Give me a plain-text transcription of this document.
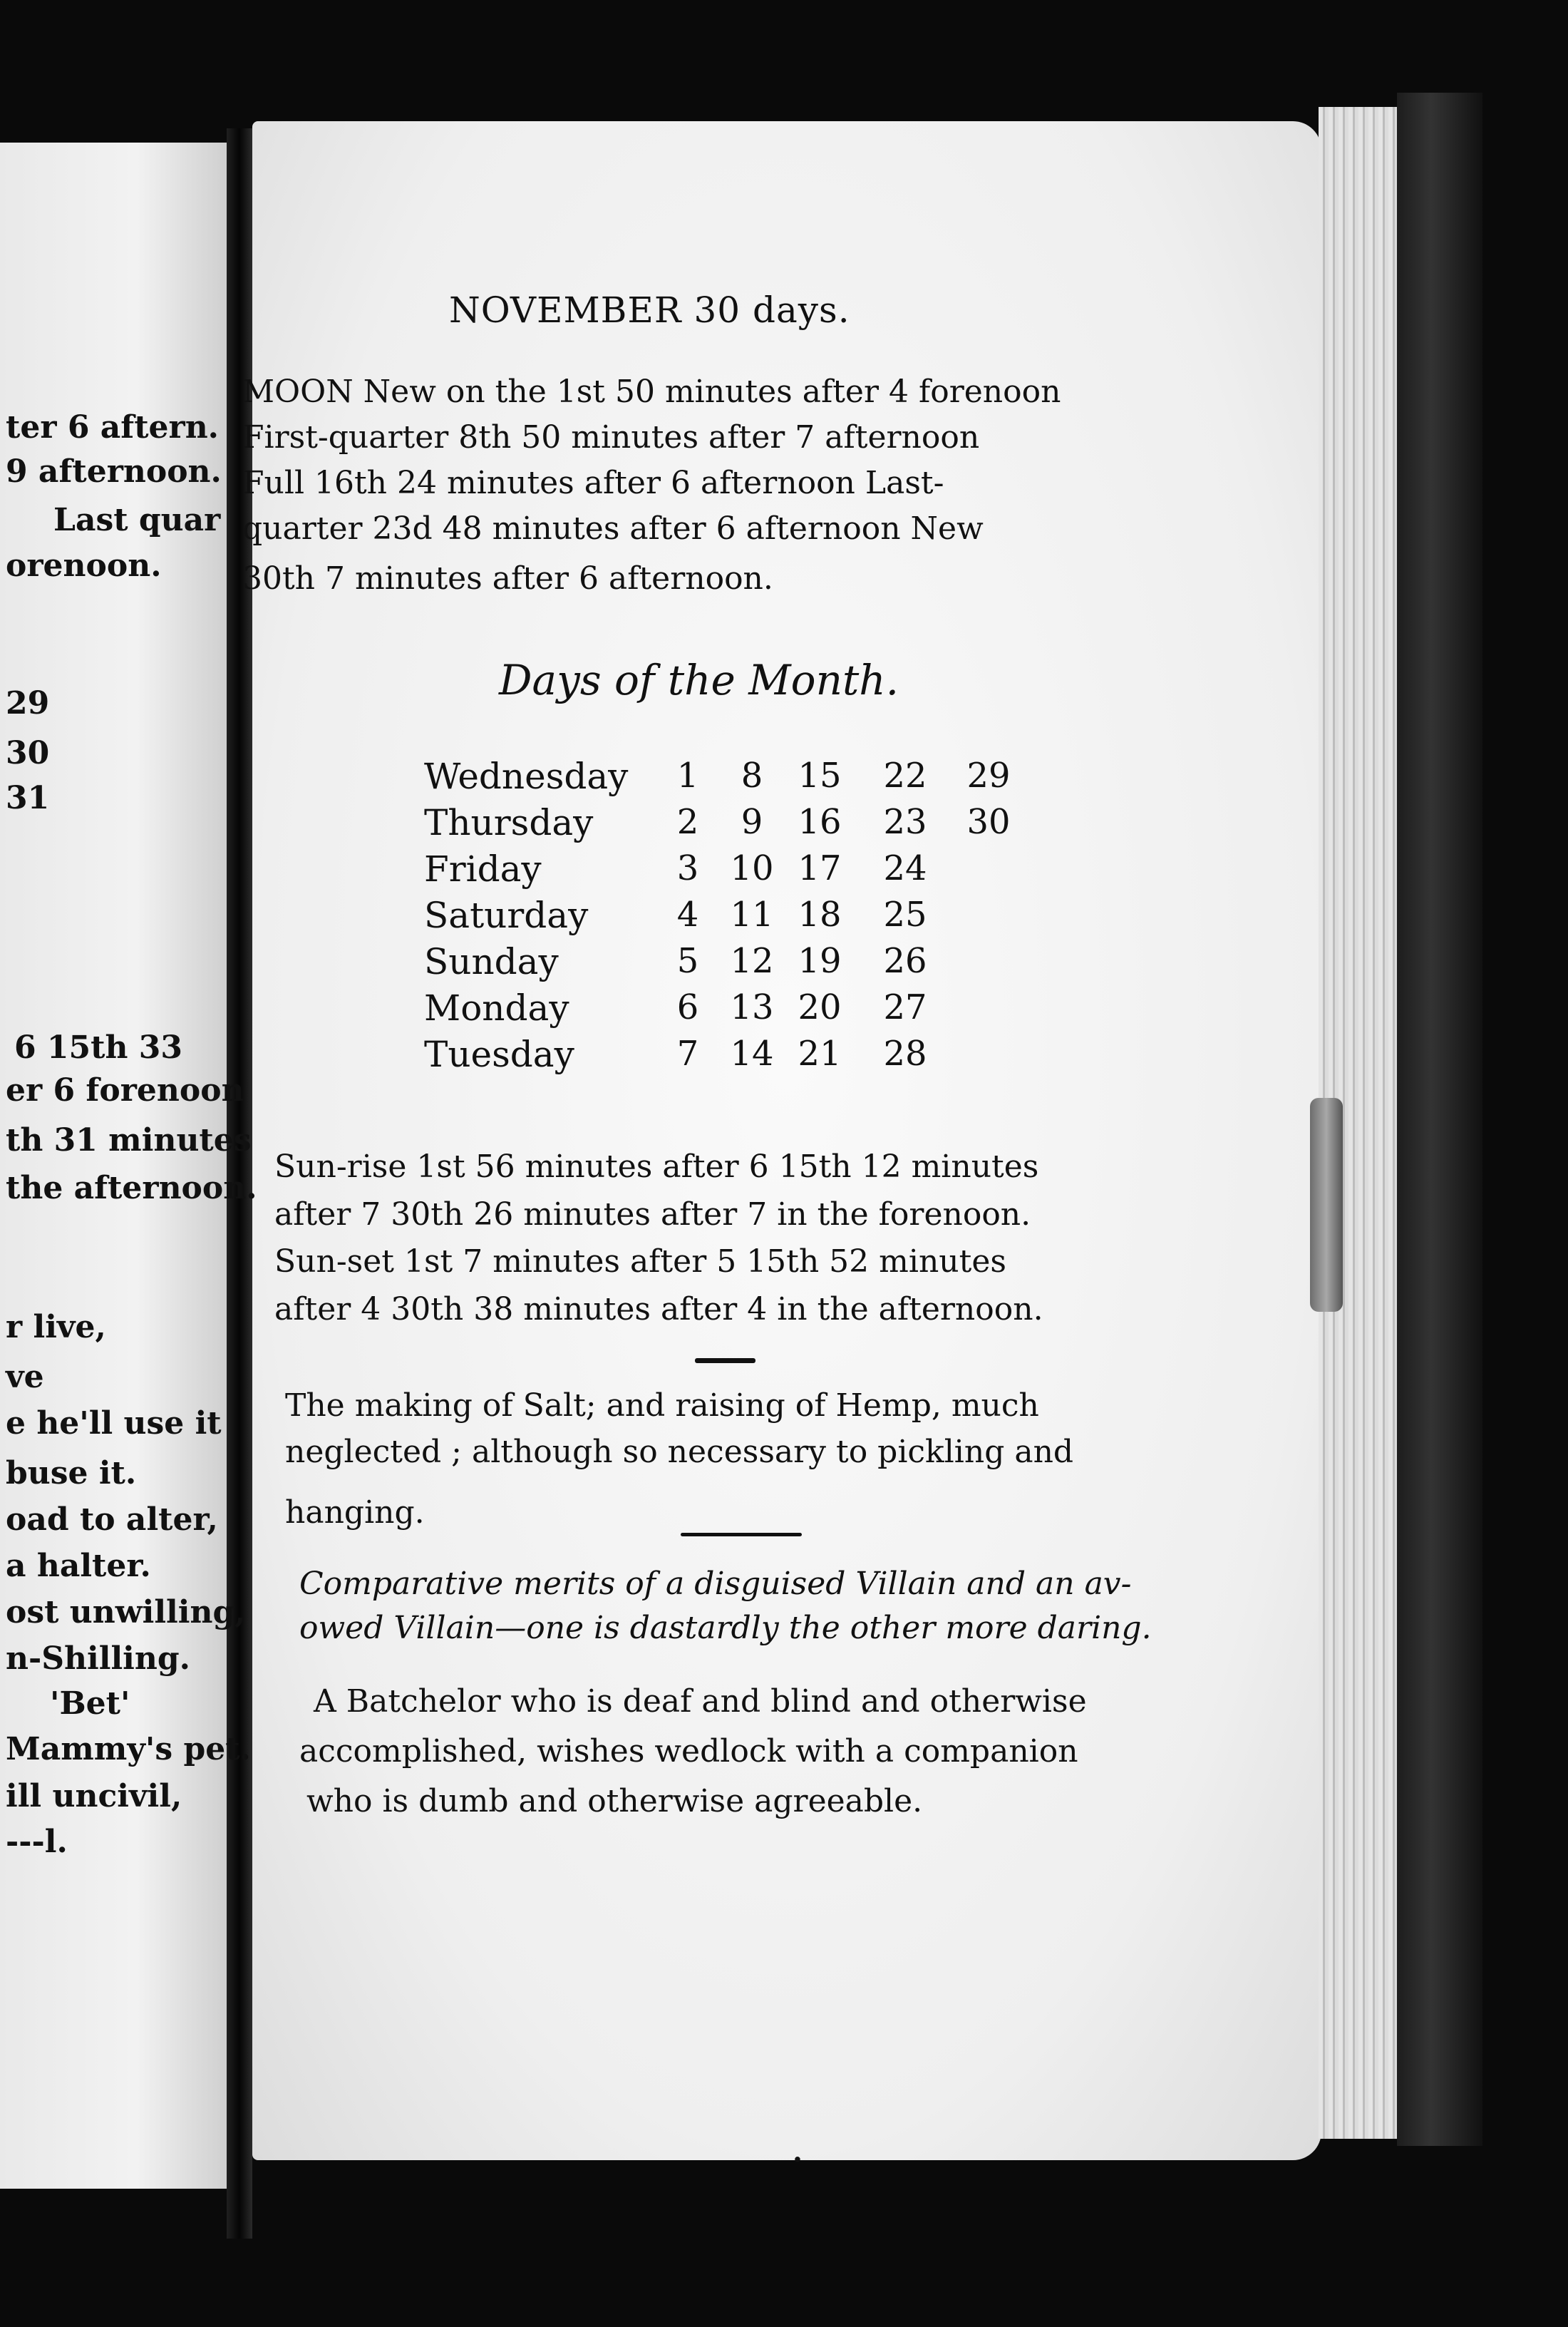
ter 6 aftern.
9 afternoon.
Last quar
orenoon.
29
30
31
6 15th 33
er 6 forenoon
th 31 minutes
the afternoon.
r live,
ve
e he'll use it
buse it.
oad to alter,
a halter.
ost unwilling,
n-Shilling.
'Bet'
Mammy's pet.
ill uncivil,
---l.
NOVEMBER 30 days.
MOON New on the 1st 50 minutes after 4 forenoon
First-quarter 8th 50 minutes after 7 afternoon
Full 16th 24 minutes after 6 afternoon Last-
quarter 23d 48 minutes after 6 afternoon New
30th 7 minutes after 6 afternoon.
Days of the Month.
Wednesday	1	8	15 22 29
Thursday	2	9	16 23 30
Friday	3 10 17 24
Saturday	4 11 18 25
Sunday	5 12 19 26
Monday	6 13 20 27
Tuesday	7 14 21 28
Sun-rise 1st 56 minutes after 6 15th 12 minutes
after 7 30th 26 minutes after 7 in the forenoon.
Sun-set 1st 7 minutes after 5 15th 52 minutes
after 4 30th 38 minutes after 4 in the afternoon.
The making of Salt; and raising of Hemp, much
neglected ; although so necessary to pickling and
hanging.
Comparative merits of a disguised Villain and an av-
owed Villain—one is dastardly the other more daring.
A Batchelor who is deaf and blind and otherwise
accomplished, wishes wedlock with a companion
who is dumb and otherwise agreeable.
.
